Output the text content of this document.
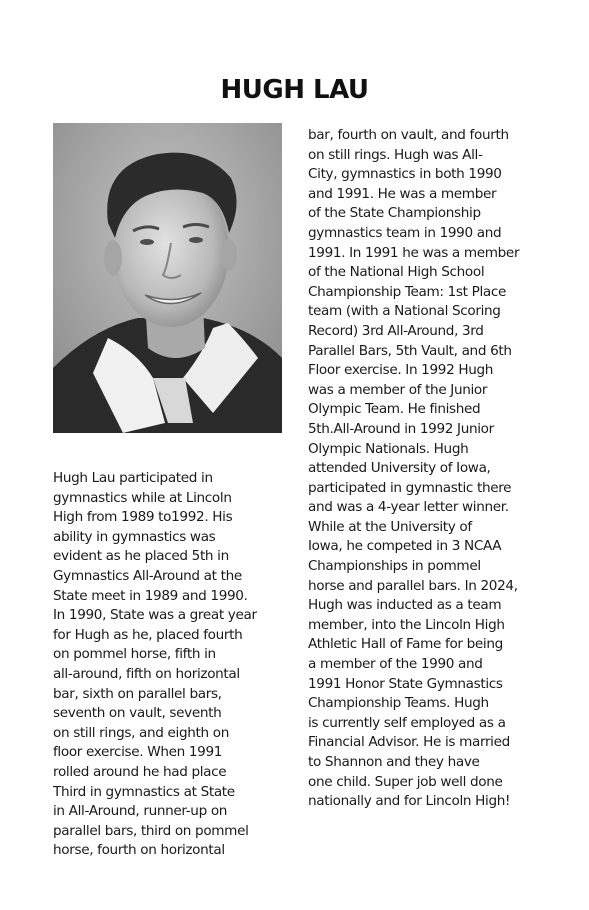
HUGH LAU
Hugh Lau participated in
gymnastics while at Lincoln
High from 1989 to1992. His
ability in gymnastics was
evident as he placed 5th in
Gymnastics All-Around at the
State meet in 1989 and 1990.
In 1990, State was a great year
for Hugh as he, placed fourth
on pommel horse, fifth in
all-around, fifth on horizontal
bar, sixth on parallel bars,
seventh on vault, seventh
on still rings, and eighth on
floor exercise. When 1991
rolled around he had place
Third in gymnastics at State
in All-Around, runner-up on
parallel bars, third on pommel
horse, fourth on horizontal
bar, fourth on vault, and fourth
on still rings. Hugh was All-
City, gymnastics in both 1990
and 1991. He was a member
of the State Championship
gymnastics team in 1990 and
1991. In 1991 he was a member
of the National High School
Championship Team: 1st Place
team (with a National Scoring
Record) 3rd All-Around, 3rd
Parallel Bars, 5th Vault, and 6th
Floor exercise. In 1992 Hugh
was a member of the Junior
Olympic Team. He finished
5th.All-Around in 1992 Junior
Olympic Nationals. Hugh
attended University of Iowa,
participated in gymnastic there
and was a 4-year letter winner.
While at the University of
Iowa, he competed in 3 NCAA
Championships in pommel
horse and parallel bars. In 2024,
Hugh was inducted as a team
member, into the Lincoln High
Athletic Hall of Fame for being
a member of the 1990 and
1991 Honor State Gymnastics
Championship Teams. Hugh
is currently self employed as a
Financial Advisor. He is married
to Shannon and they have
one child. Super job well done
nationally and for Lincoln High!
